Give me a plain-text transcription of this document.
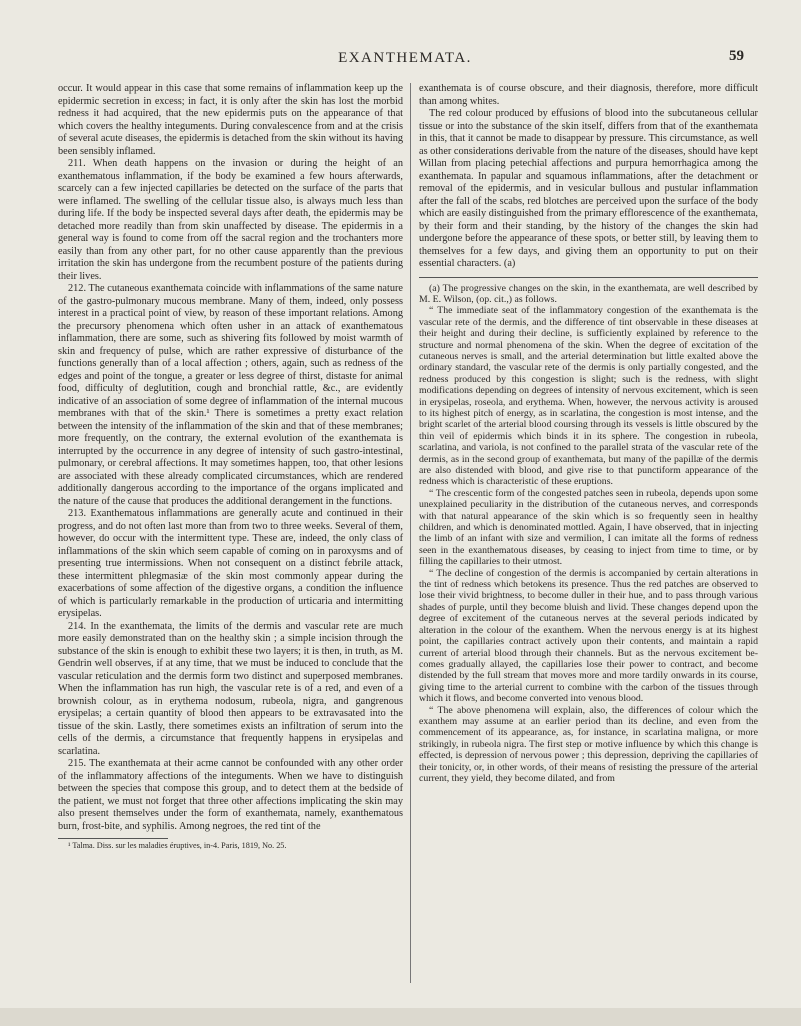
EXANTHEMATA.	59

occur. It would appear in this case that some remains of inflammation keep up the epidermic secretion in excess; in fact, it is only after the skin has lost the morbid redness it had acquired, that the new epidermis puts on the appearance of that which covers the healthy integuments. During convalescence from and at the crisis of several acute diseases, the epidermis is detached from the skin without its having been sensibly inflamed.

211. When death happens on the invasion or during the height of an exanthematous inflammation, if the body be examined a few hours afterwards, scarcely can a few injected capillaries be detected on the surface of the parts that were inflamed. The swelling of the cellular tissue also, is always much less than during life. If the body be inspected several days after death, the epidermis may be detached more readily than from skin unaffected by disease. The epidermis in a general way is found to come from off the sacral region and the trochanters more easily than from any other part, for no other cause apparently than the previous irritation the skin has undergone from the recumbent posture of the patients during their lives.

212. The cutaneous exanthemata coincide with inflammations of the same nature of the gastro-pulmonary mucous membrane. Many of them, indeed, only possess interest in a practical point of view, by reason of these important relations. Among the precursory phenomena which often usher in an attack of exanthematous inflammation, there are some, such as shivering fits followed by moist warmth of skin and frequency of pulse, which are rather expressive of disturbance of the functions generally than of a local affection ; others, again, such as redness of the edges and point of the tongue, a greater or less degree of thirst, distaste for animal food, difficulty of deglutition, cough and bronchial rattle, &c., are evidently indicative of an association of some degree of inflammation of the internal mucous membranes with that of the skin.¹ There is sometimes a pretty exact relation between the intensity of the inflammation of the skin and that of these membranes; more frequently, on the contrary, the external evolution of the exanthemata is interrupted by the occurrence in any degree of intensity of such gastro-intestinal, pulmonary, or cerebral affections. It may sometimes happen, too, that other lesions are associated with these already complicated circumstances, which are rendered additionally dangerous according to the importance of the organs implicated and the nature of the cause that produces the additional derangement in the functions.

213. Exanthematous inflammations are generally acute and continued in their progress, and do not often last more than from two to three weeks. Several of them, however, do occur with the intermittent type. These are, indeed, the only class of inflammations of the skin which seem capable of coming on in paroxysms and of presenting true intermissions. When not consequent on a distinct febrile attack, these intermittent phlegmasiæ of the skin most commonly appear during the exacerbations of some affection of the digestive organs, a condition the influence of which is particularly remarkable in the production of urticaria and intermitting erysipelas.

214. In the exanthemata, the limits of the dermis and vascular rete are much more easily demonstrated than on the healthy skin ; a simple incision through the substance of the skin is enough to exhibit these two layers; it is then, in truth, as M. Gendrin well observes, if at any time, that we must be induced to conclude that the vascular reticulation and the dermis form two distinct and superposed membranes. When the inflammation has run high, the vascular rete is of a red, and even of a brownish colour, as in erythema nodosum, rubeola, nigra, and gangrenous erysipelas; a certain quantity of blood then appears to be extravasated into the tissue of the skin. Lastly, there sometimes exists an infiltration of serum into the cells of the dermis, a circumstance that frequently happens in erysipelas and scarlatina.

215. The exanthemata at their acme cannot be confounded with any other order of the inflammatory affections of the integuments. When we have to distinguish between the species that compose this group, and to detect them at the bedside of the patient, we must not forget that three other affections implicating the skin may also present themselves under the form of exanthemata, namely, exanthematous burn, frost-bite, and syphilis. Among negroes, the red tint of the

¹ Talma. Diss. sur les maladies éruptives, in-4. Paris, 1819, No. 25.

exanthemata is of course obscure, and their diagnosis, therefore, more difficult than among whites.

The red colour produced by effusions of blood into the subcutaneous cellular tissue or into the substance of the skin itself, differs from that of the exanthemata in this, that it cannot be made to disappear by pressure. This circumstance, as well as other considerations derivable from the nature of the diseases, should have kept Willan from placing petechial affections and purpura hemorrhagica among the exanthemata. In papular and squamous inflammations, after the detachment or removal of the epidermis, and in vesicular bullous and pustular inflammation after the fall of the scabs, red blotches are perceived upon the surface of the body which are easily distinguished from the primary efflorescence of the exanthemata, by their form and their standing, by the history of the changes the skin had undergone before the appearance of these spots, or better still, by leaving them to themselves for a few days, and giving them an opportunity to put on their essential characters. (a)

(a) The progressive changes on the skin, in the exanthemata, are well described by M. E. Wilson, (op. cit.,) as follows.

“ The immediate seat of the inflammatory congestion of the exanthemata is the vascular rete of the dermis, and the difference of tint observable in these diseases at their height and during their decline, is sufficiently explained by reference to the structure and normal phenomena of the skin. When the degree of excitation of the cutaneous nerves is small, and the arterial determination but little exalted above the ordinary standard, the vascular rete of the dermis is only partially congested, and the redness produced by this congestion is slight; such is the redness, with slight modifications depending on degrees of intensity of nervous excitement, which is seen in erysipelas, roseola, and erythema. When, however, the nervous activity is aroused to its highest pitch of energy, as in scarlatina, the congestion is most intense, and the bright scarlet of the arterial blood coursing through its vessels is little obscured by the thin veil of epidermis which binds it in its sphere. The congestion in rubeola, scarlatina, and variola, is not confined to the parallel strata of the vascular rete of the dermis, as in the second group of exanthemata, but many of the papillæ of the dermis are also distended with blood, and give rise to that punctiform appearance of the redness which is characteristic of these eruptions.

“ The crescentic form of the congested patches seen in rubeola, depends upon some unexplained peculiarity in the distribution of the cutaneous nerves, and corresponds with that natural appearance of the skin which is so frequently seen in healthy children, and which is denominated mottled. Again, I have observed, that in injecting the limb of an infant with size and vermilion, I can imitate all the forms of redness seen in the exanthematous diseases, by ceasing to inject from time to time, or by filling the capillaries to their utmost.

“ The decline of congestion of the dermis is accompanied by certain alterations in the tint of redness which betokens its presence. Thus the red patches are observed to lose their vivid brightness, to become duller in their hue, and to pass through various shades of purple, until they become bluish and livid. These changes depend upon the degree of excitement of the cutaneous nerves at the several periods indicated by alteration in the colour of the exanthem. When the nervous energy is at its highest point, the capillaries contract actively upon their contents, and maintain a rapid current of arterial blood through their channels. But as the nervous excitement becomes gradually allayed, the capillaries lose their power to contract, and become distended by the full stream that moves more and more tardily onwards in its course, giving time to the arterial current to combine with the carbon of the tissues through which it flows, and become converted into venous blood.

“ The above phenomena will explain, also, the differences of colour which the exanthem may assume at an earlier period than its decline, and even from the commencement of its appearance, as, for instance, in scarlatina maligna, or more strikingly, in rubeola nigra. The first step or motive influence by which this change is effected, is depression of nervous power ; this depression, depriving the capillaries of their tonicity, or, in other words, of their means of resisting the pressure of the arterial current, they yield, they become dilated, and from
